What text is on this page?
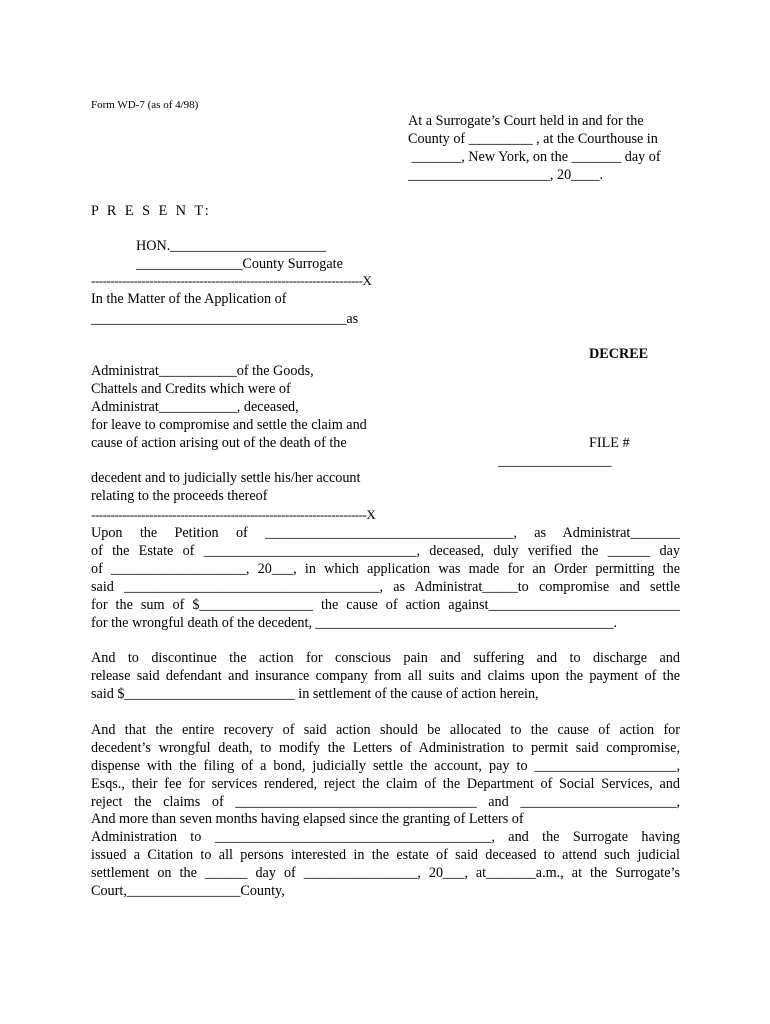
Form WD-7 (as of 4/98)
At a Surrogate’s Court held in and for the
County of _________ , at the Courthouse in
_______, New York, on the _______ day of
____________________, 20____.
P R E S E N T:
HON.______________________
_______________County Surrogate
----------------------------------------------------------------------X
In the Matter of the Application of
____________________________________as
Administrat___________of the Goods,
Chattels and Credits which were of
Administrat___________, deceased,
for leave to compromise and settle the claim and
cause of action arising out of the death of the
decedent and to judicially settle his/her account
relating to the proceeds thereof
DECREE
FILE #
________________
-----------------------------------------------------------------------X
Upon the Petition of ___________________________________, as Administrat_______
of the Estate of ______________________________, deceased, duly verified the ______ day
of ___________________, 20___, in which application was made for an Order permitting the
said ____________________________________, as Administrat_____to compromise and settle
for the sum of $________________ the cause of action against___________________________
for the wrongful death of the decedent, __________________________________________.
And to discontinue the action for conscious pain and suffering and to discharge and
release said defendant and insurance company from all suits and claims upon the payment of the
said $________________________ in settlement of the cause of action herein,
And that the entire recovery of said action should be allocated to the cause of action for
decedent’s wrongful death, to modify the Letters of Administration to permit said compromise,
dispense with the filing of a bond, judicially settle the account, pay to ____________________,
Esqs., their fee for services rendered, reject the claim of the Department of Social Services, and
reject the claims of __________________________________ and ______________________,
And more than seven months having elapsed since the granting of Letters of
Administration to _______________________________________, and the Surrogate having
issued a Citation to all persons interested in the estate of said deceased to attend such judicial
settlement on the ______ day of ________________, 20___, at_______a.m., at the Surrogate’s
Court,________________County,
